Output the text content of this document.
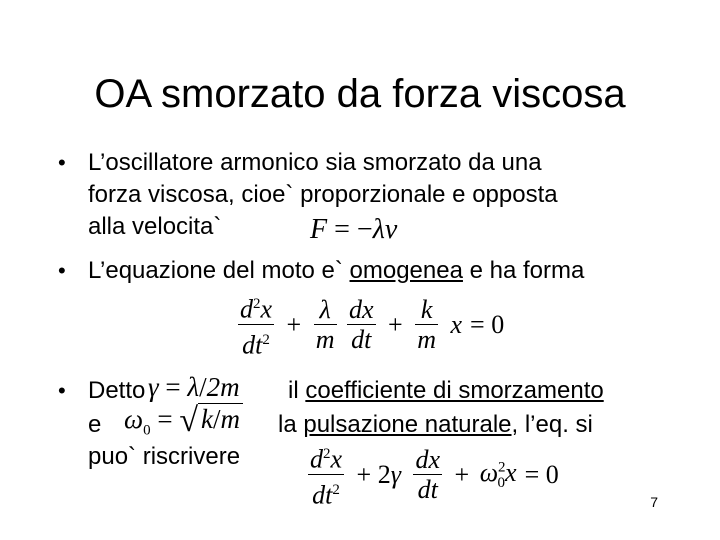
OA smorzato da forza viscosa
• L’oscillatore armonico sia smorzato da una
forza viscosa, cioe` proporzionale e opposta
alla velocita`	F = −λv
• L’equazione del moto e` omogenea e ha forma
$\frac{d^2x}{dt^2} + \frac{\lambda}{m}$
$\frac{dx}{dt} + \frac{k}{m}$ x = 0
• Detto γ = λ/2m il coefficiente di smorzamento
e $\omega_0$ = √ k/m la pulsazione naturale, l’eq. si
puo` riscrivere	$\frac{d^2x}{dt^2} + 2\gamma \frac{dx}{dt} + \omega^2_0x = 0$
7
